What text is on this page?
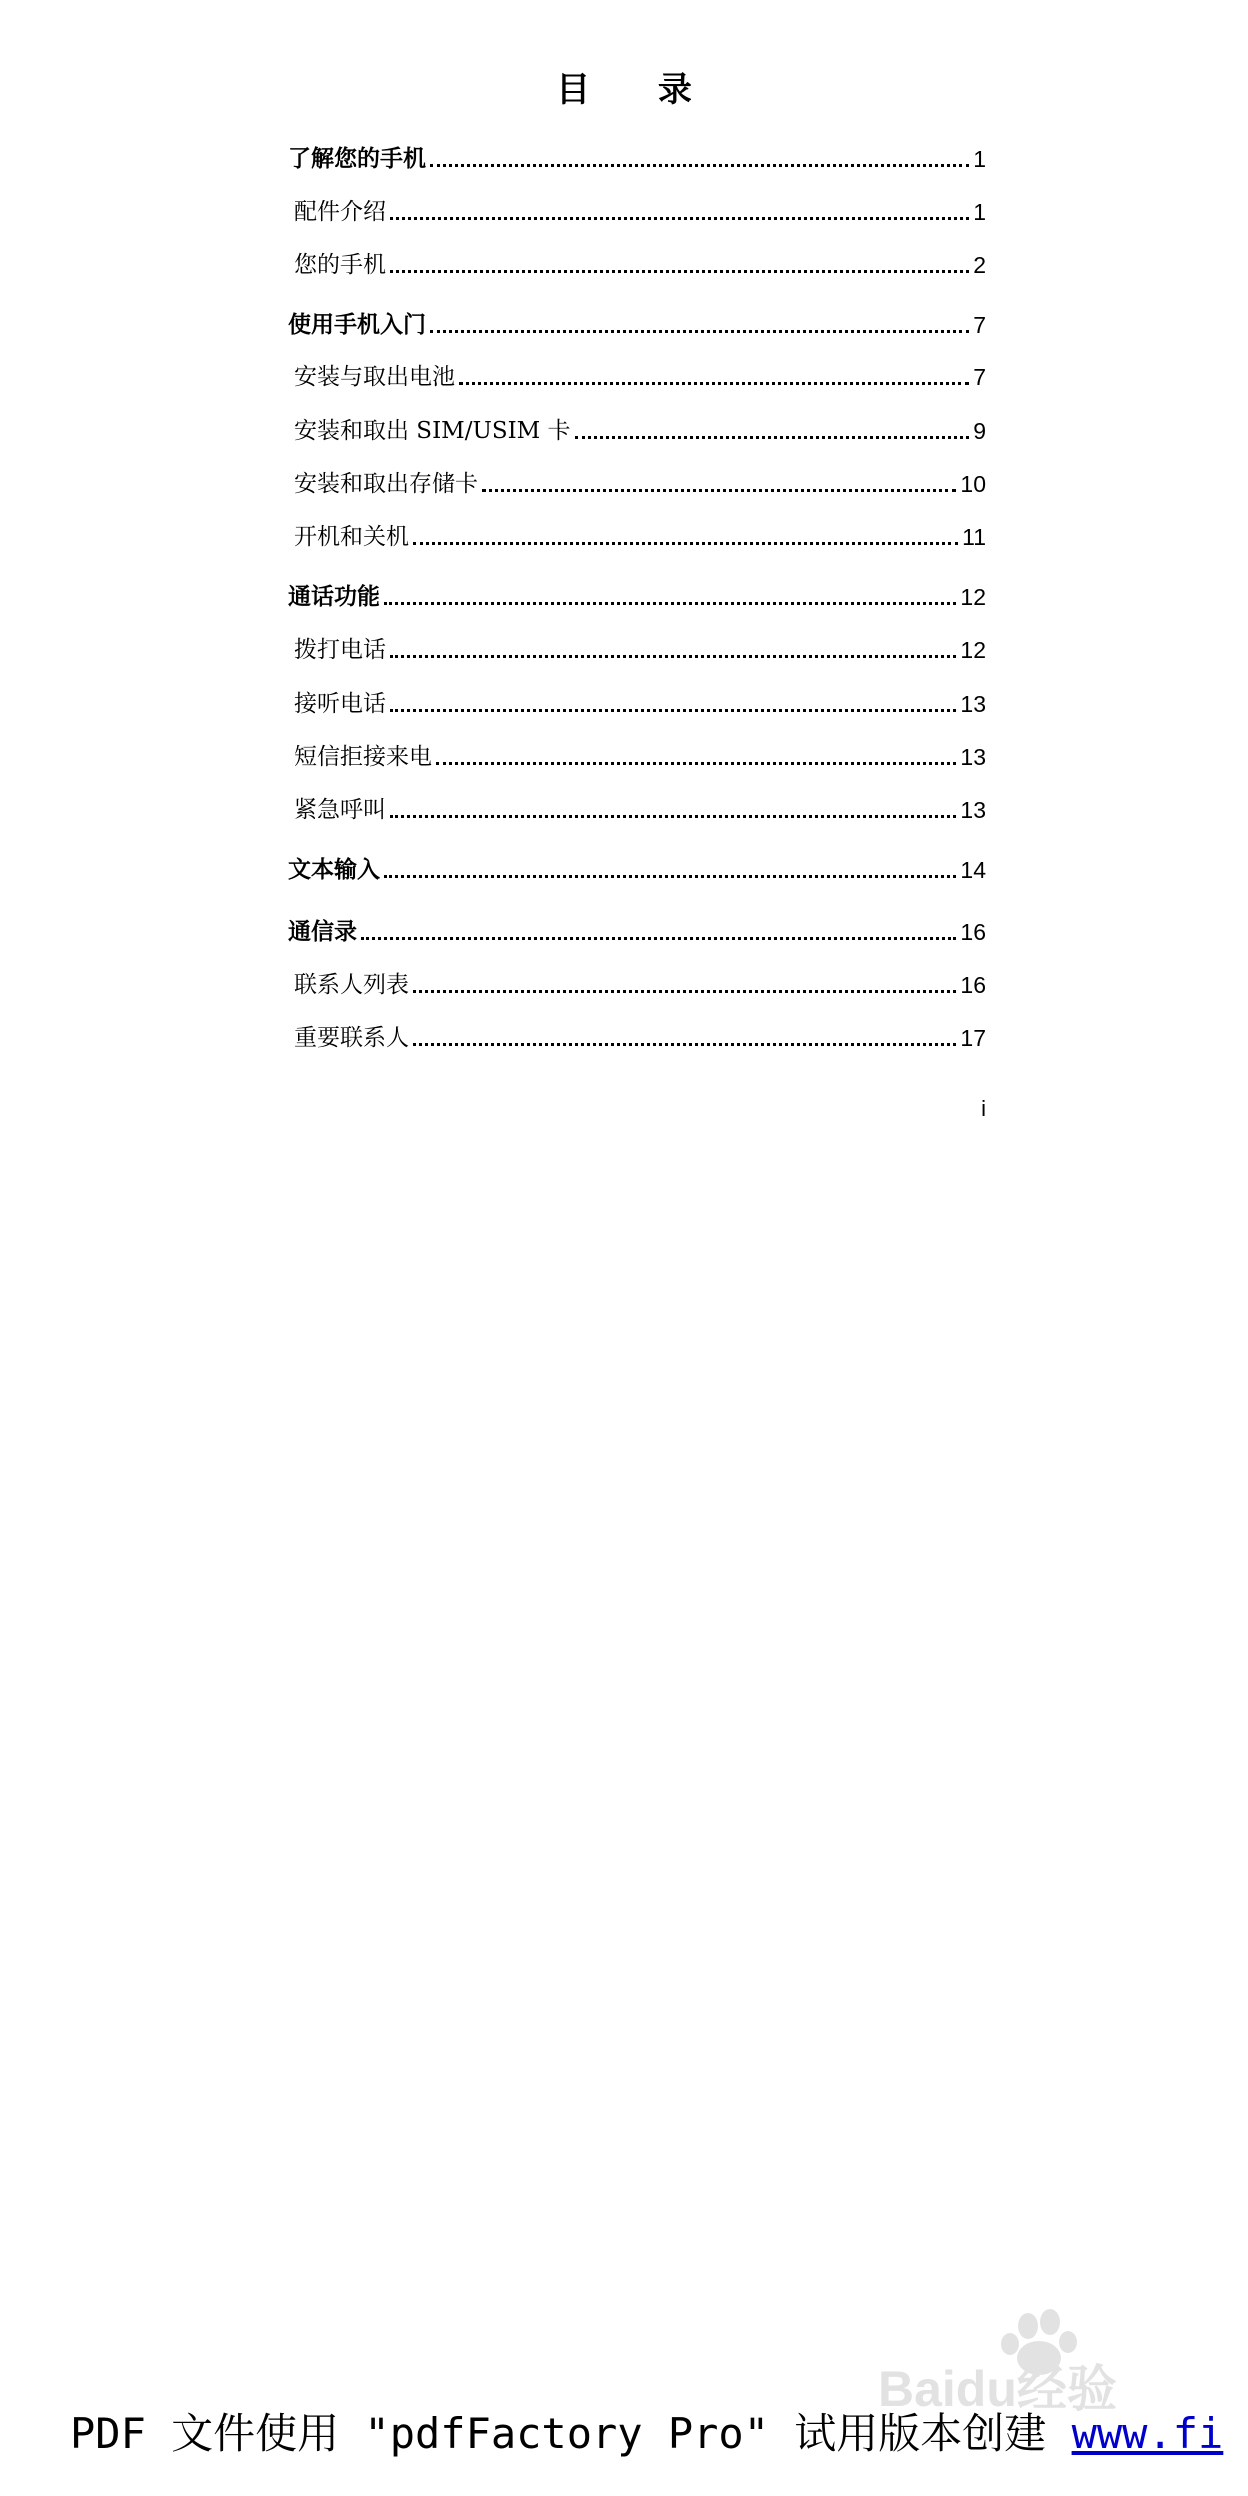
目 录
了解您的手机	1
配件介绍	1
您的手机	2
使用手机入门	7
安装与取出电池	7
安装和取出 SIM/USIM 卡	9
安装和取出存储卡	10
开机和关机	11
通话功能	12
拨打电话	12
接听电话	13
短信拒接来电	13
紧急呼叫	13
文本输入	14
通信录	16
联系人列表	16
重要联系人	17
i
Baidu经验
PDF 文件使用 "pdfFactory Pro" 试用版本创建 www.fi
